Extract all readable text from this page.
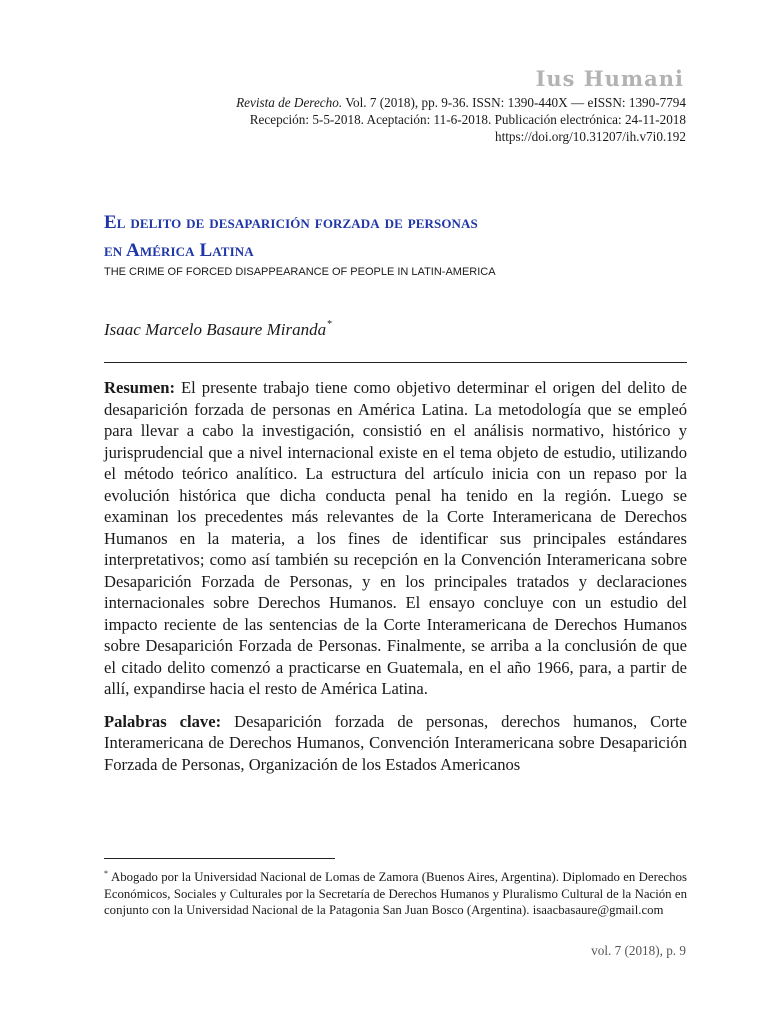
Ius Humani
Revista de Derecho. Vol. 7 (2018), pp. 9-36. ISSN: 1390-440X — eISSN: 1390-7794
Recepción: 5-5-2018. Aceptación: 11-6-2018. Publicación electrónica: 24-11-2018
https://doi.org/10.31207/ih.v7i0.192
El delito de desaparición forzada de personas
en América Latina
THE CRIME OF FORCED DISAPPEARANCE OF PEOPLE IN LATIN-AMERICA
Isaac Marcelo Basaure Miranda*

Resumen: El presente trabajo tiene como objetivo determinar el origen del delito de desaparición forzada de personas en América Latina. La metodología que se empleó para llevar a cabo la investigación, consistió en el análisis normativo, histórico y jurisprudencial que a nivel internacional existe en el tema objeto de estudio, utilizando el método teórico analítico. La estructura del artículo inicia con un repaso por la evolución histórica que dicha conducta penal ha tenido en la región. Luego se examinan los precedentes más relevantes de la Corte Interamericana de Derechos Humanos en la materia, a los fines de identificar sus principales estándares interpretativos; como así también su recepción en la Convención Interamericana sobre Desaparición Forzada de Personas, y en los principales tratados y declaraciones internacionales sobre Derechos Humanos. El ensayo concluye con un estudio del impacto reciente de las sentencias de la Corte Interamericana de Derechos Humanos sobre Desaparición Forzada de Personas. Finalmente, se arriba a la conclusión de que el citado delito comenzó a practicarse en Guatemala, en el año 1966, para, a partir de allí, expandirse hacia el resto de América Latina.

Palabras clave: Desaparición forzada de personas, derechos humanos, Corte Interamericana de Derechos Humanos, Convención Interamericana sobre Desaparición Forzada de Personas, Organización de los Estados Americanos

* Abogado por la Universidad Nacional de Lomas de Zamora (Buenos Aires, Argentina). Diplomado en Derechos Económicos, Sociales y Culturales por la Secretaría de Derechos Humanos y Pluralismo Cultural de la Nación en conjunto con la Universidad Nacional de la Patagonia San Juan Bosco (Argentina). isaacbasaure@gmail.com
vol. 7 (2018), p. 9
